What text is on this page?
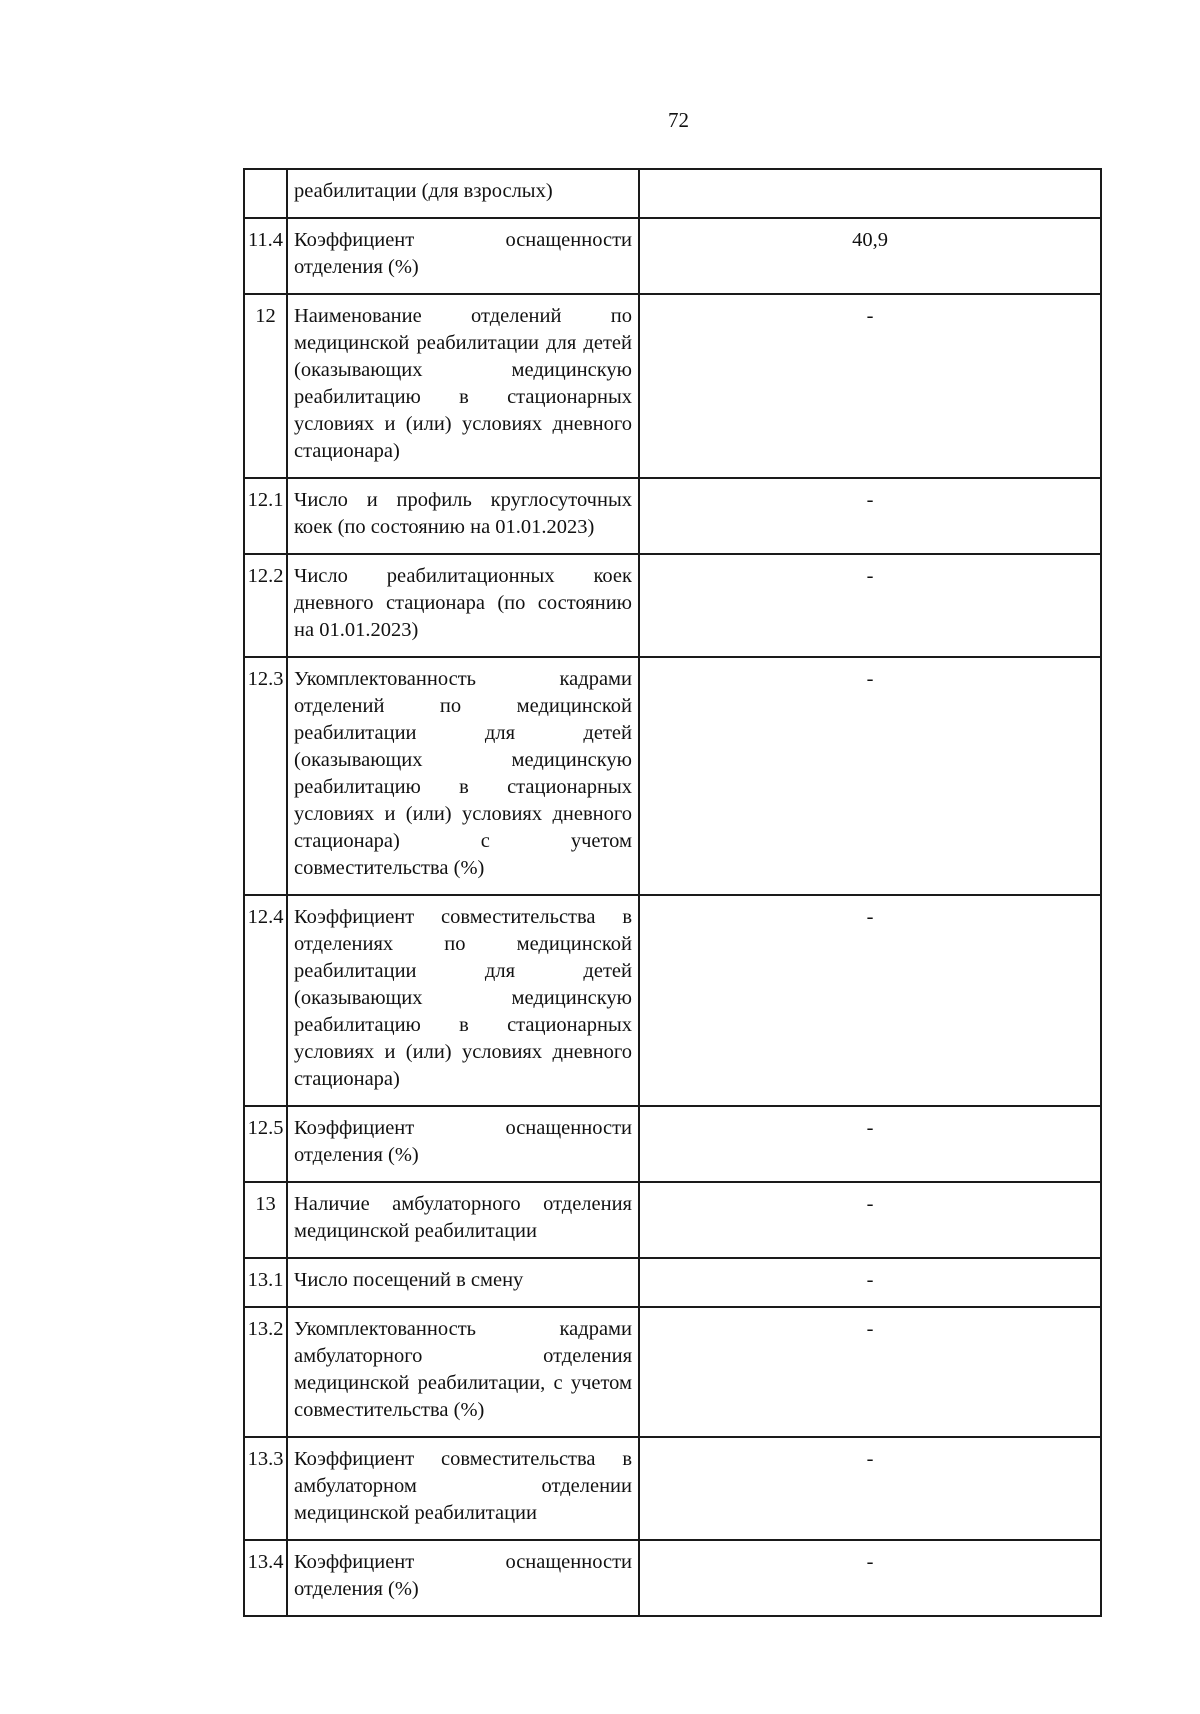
72
	реабилитации (для взрослых)	
11.4	Коэффициент оснащенности отделения (%)	40,9
12	Наименование отделений по медицинской реабилитации для детей (оказывающих медицинскую реабилитацию в стационарных условиях и (или) условиях дневного стационара)	-
12.1	Число и профиль круглосуточных коек (по состоянию на 01.01.2023)	-
12.2	Число реабилитационных коек дневного стационара (по состоянию на 01.01.2023)	-
12.3	Укомплектованность кадрами отделений по медицинской реабилитации для детей (оказывающих медицинскую реабилитацию в стационарных условиях и (или) условиях дневного стационара) с учетом совместительства (%)	-
12.4	Коэффициент совместительства в отделениях по медицинской реабилитации для детей (оказывающих медицинскую реабилитацию в стационарных условиях и (или) условиях дневного стационара)	-
12.5	Коэффициент оснащенности отделения (%)	-
13	Наличие амбулаторного отделения медицинской реабилитации	-
13.1	Число посещений в смену	-
13.2	Укомплектованность кадрами амбулаторного отделения медицинской реабилитации, с учетом совместительства (%)	-
13.3	Коэффициент совместительства в амбулаторном отделении медицинской реабилитации	-
13.4	Коэффициент оснащенности отделения (%)	-
